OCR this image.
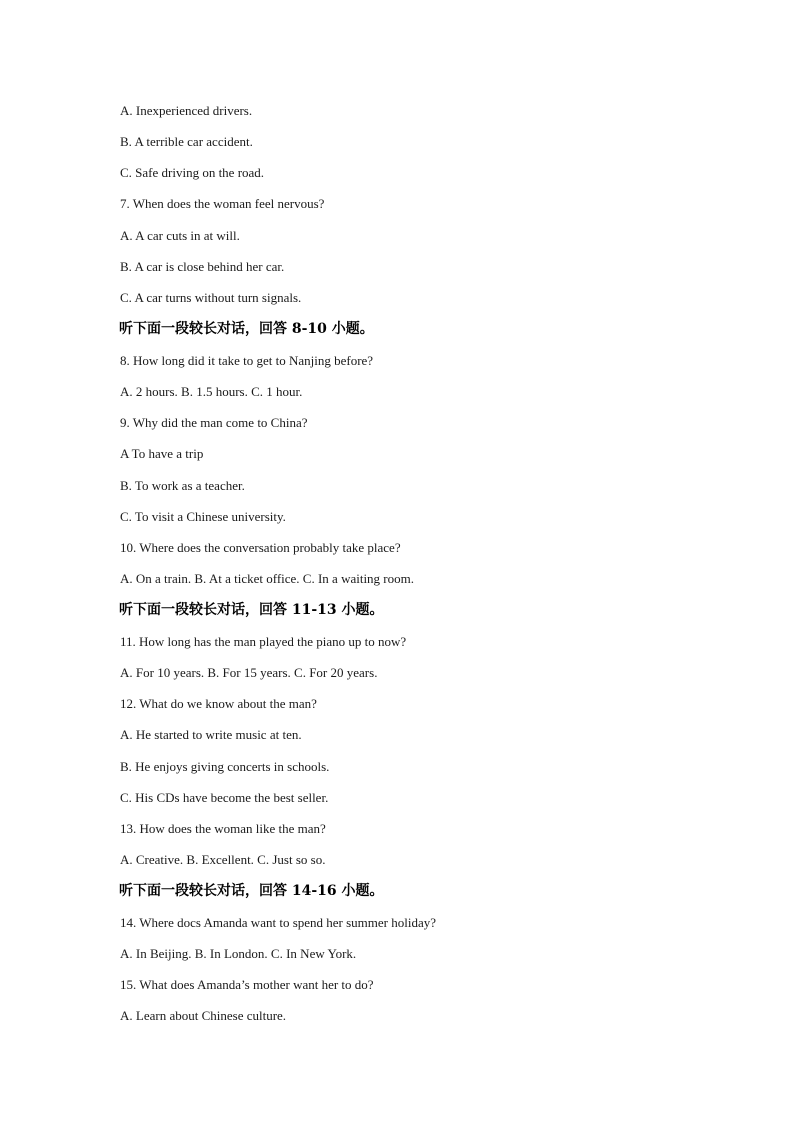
A. Inexperienced drivers.

B. A terrible car accident.

C. Safe driving on the road.

7. When does the woman feel nervous?

A. A car cuts in at will.

B. A car is close behind her car.

C. A car turns without turn signals.

听下面一段较长对话，回答 8-10 小题。

8. How long did it take to get to Nanjing before?

A. 2 hours. B. 1.5 hours. C. 1 hour.

9. Why did the man come to China?

A To have a trip

B. To work as a teacher.

C. To visit a Chinese university.

10. Where does the conversation probably take place?

A. On a train. B. At a ticket office. C. In a waiting room.

听下面一段较长对话，回答 11-13 小题。

11. How long has the man played the piano up to now?

A. For 10 years. B. For 15 years. C. For 20 years.

12. What do we know about the man?

A. He started to write music at ten.

B. He enjoys giving concerts in schools.

C. His CDs have become the best seller.

13. How does the woman like the man?

A. Creative. B. Excellent. C. Just so so.

听下面一段较长对话，回答 14-16 小题。

14. Where docs Amanda want to spend her summer holiday?

A. In Beijing. B. In London. C. In New York.

15. What does Amanda’s mother want her to do?

A. Learn about Chinese culture.
